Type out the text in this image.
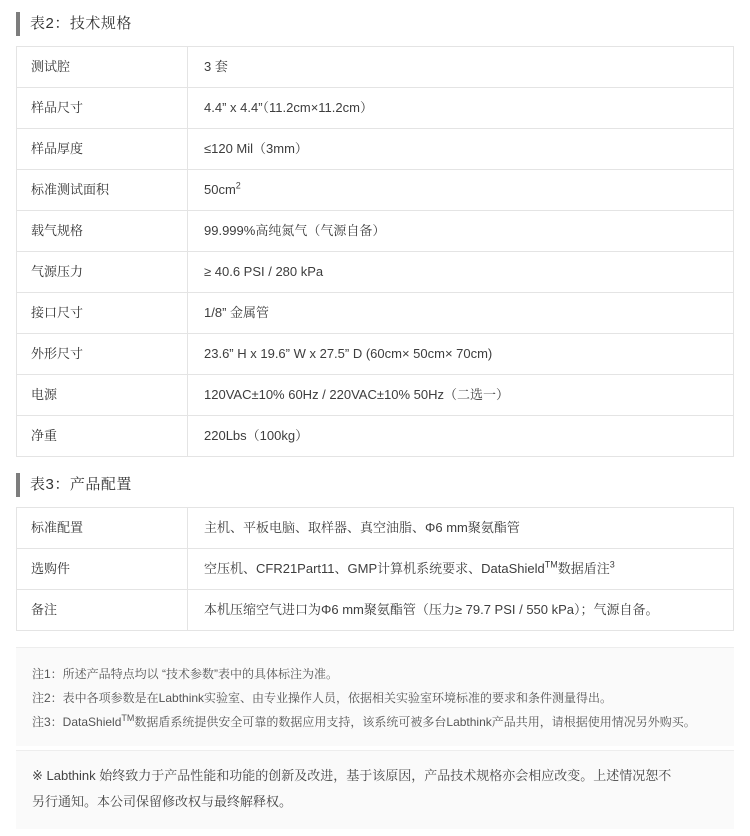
表2：技术规格
测试腔	3 套
样品尺寸	4.4” x 4.4”（11.2cm×11.2cm）
样品厚度	≤120 Mil（3mm）
标准测试面积	$50cm^2$
载气规格	99.999%高纯氮气（气源自备）
气源压力	≥ 40.6 PSI / 280 kPa
接口尺寸	1/8” 金属管
外形尺寸	23.6” H x 19.6” W x 27.5” D (60cm× 50cm× 70cm)
电源	120VAC±10% 60Hz / 220VAC±10% 50Hz（二选一）
净重	220Lbs（100kg）
表3：产品配置
标准配置	主机、平板电脑、取样器、真空油脂、Φ6 mm聚氨酯管
选购件	空压机、CFR21Part11、GMP计算机系统要求、DataShield™数据盾注$^3$
备注	本机压缩空气进口为Φ6 mm聚氨酯管（压力≥ 79.7 PSI / 550 kPa）；气源自备。
注1：所述产品特点均以 “技术参数”表中的具体标注为准。
注2：表中各项参数是在Labthink实验室、由专业操作人员，依据相关实验室环境标准的要求和条件测量得出。
注3：DataShield™数据盾系统提供安全可靠的数据应用支持，该系统可被多台Labthink产品共用，请根据使用情况另外购买。
※ Labthink 始终致力于产品性能和功能的创新及改进，基于该原因，产品技术规格亦会相应改变。上述情况恕不
另行通知。本公司保留修改权与最终解释权。
